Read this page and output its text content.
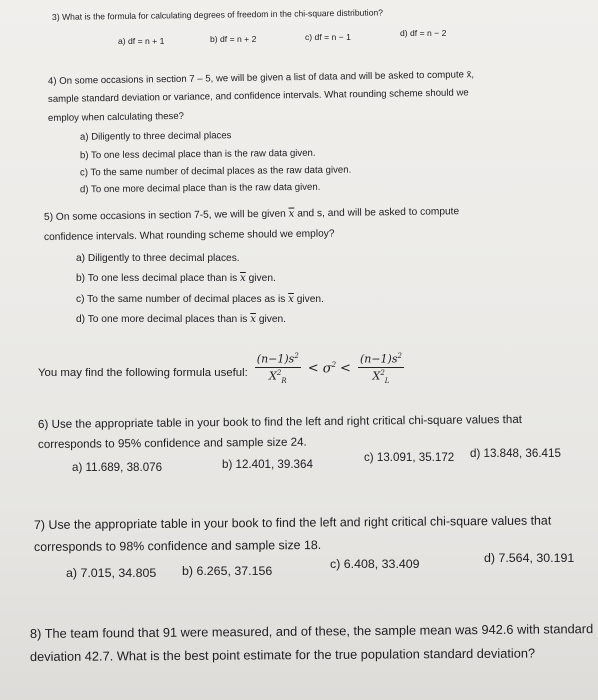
3) What is the formula for calculating degrees of freedom in the chi-square distribution?
a) df = n + 1	b) df = n + 2	c) df = n − 1	d) df = n − 2
4) On some occasions in section 7 – 5, we will be given a list of data and will be asked to compute x̄,
sample standard deviation or variance, and confidence intervals. What rounding scheme should we
employ when calculating these?
a) Diligently to three decimal places
b) To one less decimal place than is the raw data given.
c) To the same number of decimal places as the raw data given.
d) To one more decimal place than is the raw data given.
5) On some occasions in section 7-5, we will be given $\overline{x}$ and s, and will be asked to compute
confidence intervals. What rounding scheme should we employ?
a) Diligently to three decimal places.
b) To one less decimal place than is $\overline{x}$ given.
c) To the same number of decimal places as is $\overline{x}$ given.
d) To one more decimal places than is $\overline{x}$ given.
You may find the following formula useful: $\frac{(n-1)s^2}{X^2_R} < \sigma^2 < \frac{(n-1)s^2}{X^2_L}$
6) Use the appropriate table in your book to find the left and right critical chi-square values that
corresponds to 95% confidence and sample size 24.
a) 11.689, 38.076	b) 12.401, 39.364
c) 13.091, 35.172 d) 13.848, 36.415
7) Use the appropriate table in your book to find the left and right critical chi-square values that
corresponds to 98% confidence and sample size 18.
a) 7.015, 34.805 b) 6.265, 37.156	c) 6.408, 33.409	d) 7.564, 30.191
8) The team found that 91 were measured, and of these, the sample mean was 942.6 with standard
deviation 42.7. What is the best point estimate for the true population standard deviation?
